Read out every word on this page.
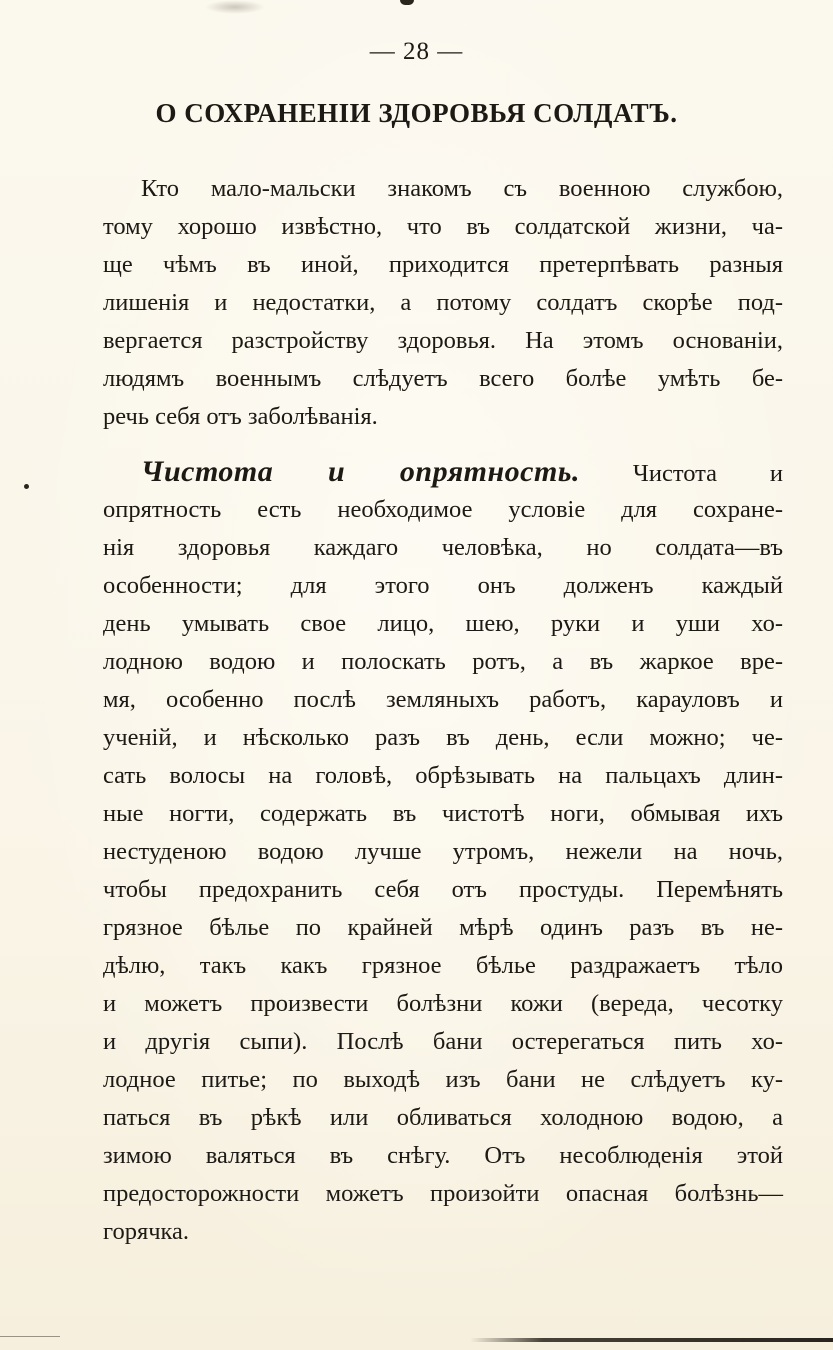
— 28 —
О СОХРАНЕНІИ ЗДОРОВЬЯ СОЛДАТЪ.
Кто мало-мальски знакомъ съ военною службою,
тому хорошо извѣстно, что въ солдатской жизни, ча-
ще чѣмъ въ иной, приходится претерпѣвать разныя
лишенія и недостатки, а потому солдатъ скорѣе под-
вергается разстройству здоровья. На этомъ основаніи,
людямъ военнымъ слѣдуетъ всего болѣе умѣть бе-
речь себя отъ заболѣванія.
Чистота и опрятность. Чистота и
опрятность есть необходимое условіе для сохране-
нія здоровья каждаго человѣка, но солдата—въ
особенности; для этого онъ долженъ каждый
день умывать свое лицо, шею, руки и уши хо-
лодною водою и полоскать ротъ, а въ жаркое вре-
мя, особенно послѣ земляныхъ работъ, карауловъ и
ученій, и нѣсколько разъ въ день, если можно; че-
сать волосы на головѣ, обрѣзывать на пальцахъ длин-
ные ногти, содержать въ чистотѣ ноги, обмывая ихъ
нестуденою водою лучше утромъ, нежели на ночь,
чтобы предохранить себя отъ простуды. Перемѣнять
грязное бѣлье по крайней мѣрѣ одинъ разъ въ не-
дѣлю, такъ какъ грязное бѣлье раздражаетъ тѣло
и можетъ произвести болѣзни кожи (вереда, чесотку
и другія сыпи). Послѣ бани остерегаться пить хо-
лодное питье; по выходѣ изъ бани не слѣдуетъ ку-
паться въ рѣкѣ или обливаться холодною водою, а
зимою валяться въ снѣгу. Отъ несоблюденія этой
предосторожности можетъ произойти опасная болѣзнь—
горячка.
